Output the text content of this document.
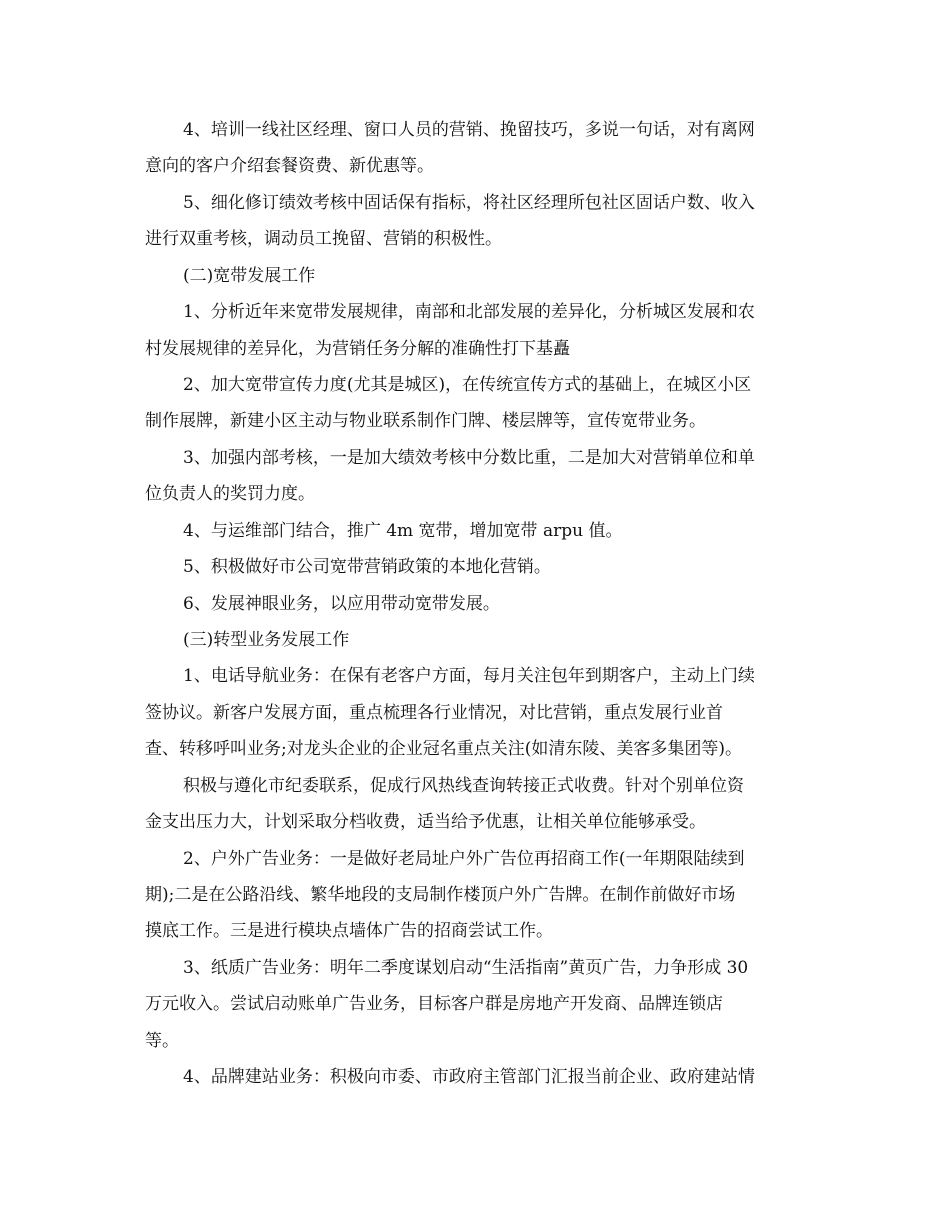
4、培训一线社区经理、窗口人员的营销、挽留技巧，多说一句话，对有离网
意向的客户介绍套餐资费、新优惠等。
5、细化修订绩效考核中固话保有指标，将社区经理所包社区固话户数、收入
进行双重考核，调动员工挽留、营销的积极性。
(二)宽带发展工作
1、分析近年来宽带发展规律，南部和北部发展的差异化，分析城区发展和农
村发展规律的差异化，为营销任务分解的准确性打下基矗
2、加大宽带宣传力度(尤其是城区)，在传统宣传方式的基础上，在城区小区
制作展牌，新建小区主动与物业联系制作门牌、楼层牌等，宣传宽带业务。
3、加强内部考核，一是加大绩效考核中分数比重，二是加大对营销单位和单
位负责人的奖罚力度。
4、与运维部门结合，推广 4m 宽带，增加宽带 arpu 值。
5、积极做好市公司宽带营销政策的本地化营销。
6、发展神眼业务，以应用带动宽带发展。
(三)转型业务发展工作
1、电话导航业务：在保有老客户方面，每月关注包年到期客户，主动上门续
签协议。新客户发展方面，重点梳理各行业情况，对比营销，重点发展行业首
查、转移呼叫业务;对龙头企业的企业冠名重点关注(如清东陵、美客多集团等)。
积极与遵化市纪委联系，促成行风热线查询转接正式收费。针对个别单位资
金支出压力大，计划采取分档收费，适当给予优惠，让相关单位能够承受。
2、户外广告业务：一是做好老局址户外广告位再招商工作(一年期限陆续到
期);二是在公路沿线、繁华地段的支局制作楼顶户外广告牌。在制作前做好市场
摸底工作。三是进行模块点墙体广告的招商尝试工作。
3、纸质广告业务：明年二季度谋划启动“生活指南”黄页广告，力争形成 30
万元收入。尝试启动账单广告业务，目标客户群是房地产开发商、品牌连锁店
等。
4、品牌建站业务：积极向市委、市政府主管部门汇报当前企业、政府建站情
